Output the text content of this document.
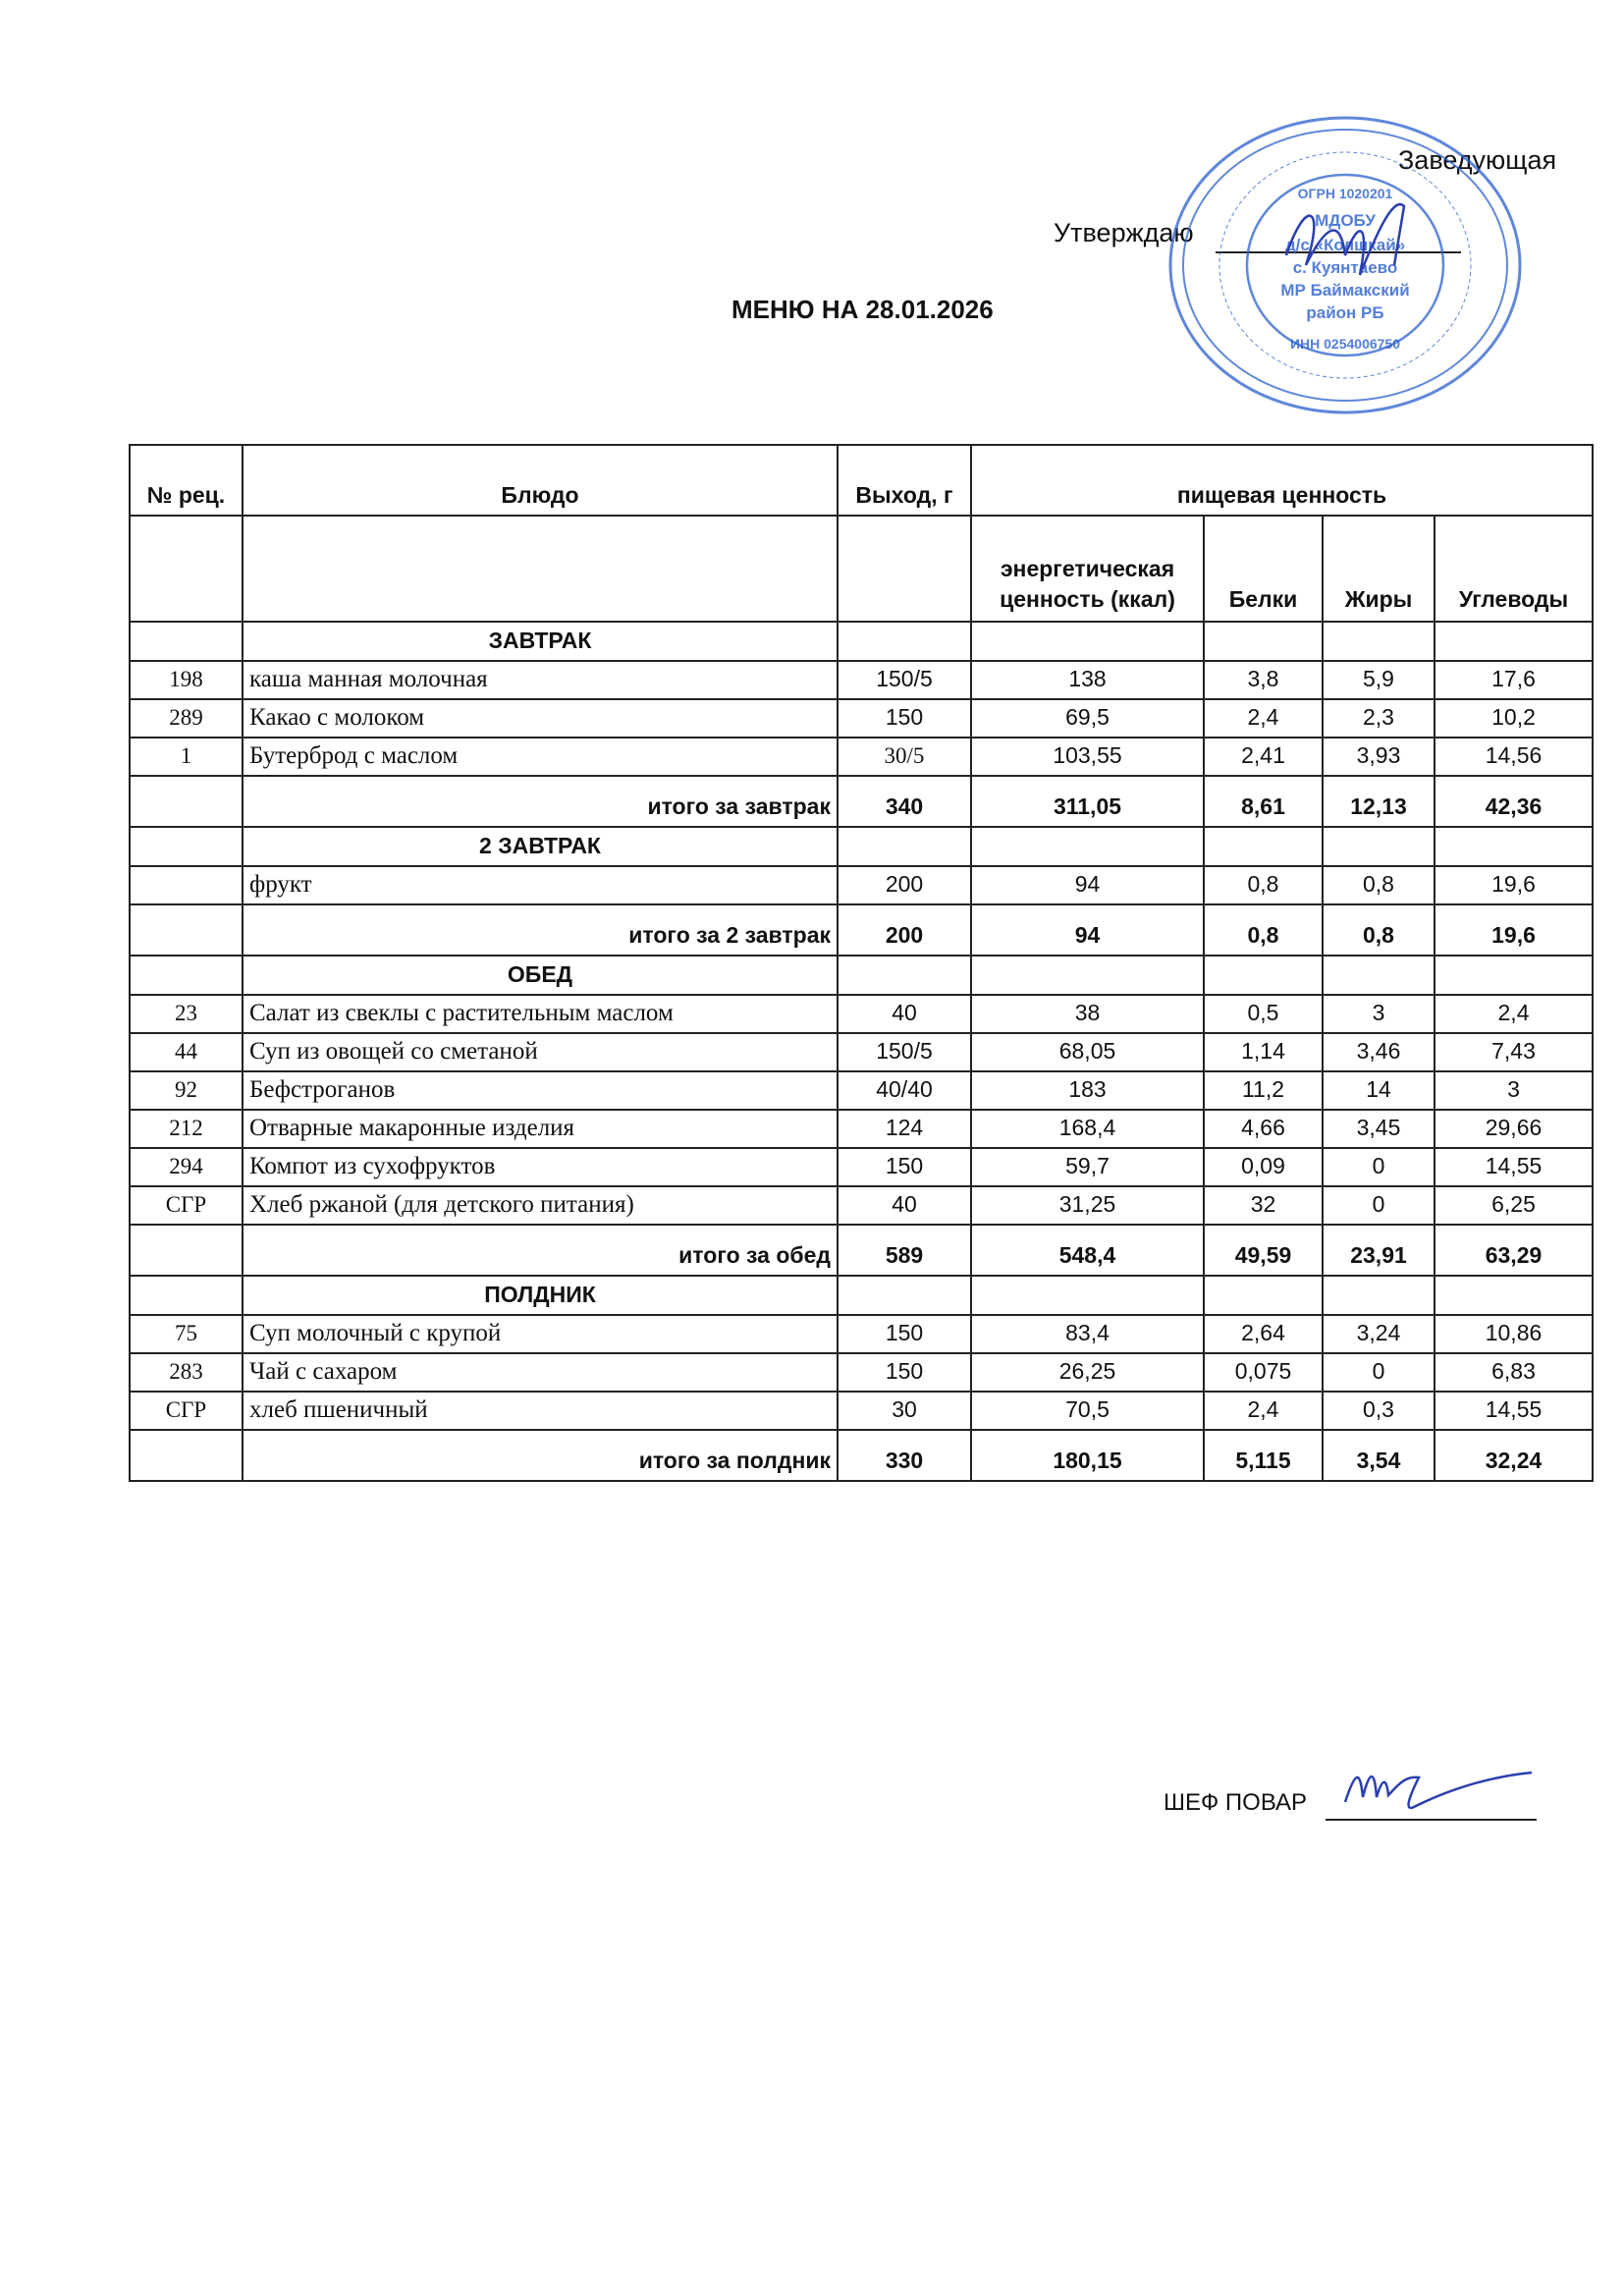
Заведующая
Утверждаю	МДОБУ
д/с «Колшкай»
с. Куянтаево
МР Баймакский
район РБ
ИНН 0254006750
ОГРН 1020201
МЕНЮ НА 28.01.2026
№ рец.	Блюдо	Выход, г	пищевая ценность			
			энергетическая ценность (ккал)	Белки	Жиры	Углеводы
	ЗАВТРАК					
198	каша манная молочная	150/5	138	3,8	5,9	17,6
289	Какао с молоком	150	69,5	2,4	2,3	10,2
1	Бутерброд с маслом	30/5	103,55	2,41	3,93	14,56
	итого за завтрак	340	311,05	8,61	12,13	42,36
	2 ЗАВТРАК					
	фрукт	200	94	0,8	0,8	19,6
	итого за 2 завтрак	200	94	0,8	0,8	19,6
	ОБЕД					
23	Салат из свеклы с растительным маслом	40	38	0,5	3	2,4
44	Суп из овощей со сметаной	150/5	68,05	1,14	3,46	7,43
92	Бефстроганов	40/40	183	11,2	14	3
212	Отварные макаронные изделия	124	168,4	4,66	3,45	29,66
294	Компот из сухофруктов	150	59,7	0,09	0	14,55
СГР	Хлеб ржаной (для детского питания)	40	31,25	32	0	6,25
	итого за обед	589	548,4	49,59	23,91	63,29
	ПОЛДНИК					
75	Суп молочный с крупой	150	83,4	2,64	3,24	10,86
283	Чай с сахаром	150	26,25	0,075	0	6,83
СГР	хлеб пшеничный	30	70,5	2,4	0,3	14,55
	итого за полдник	330	180,15	5,115	3,54	32,24
ШЕФ ПОВАР
